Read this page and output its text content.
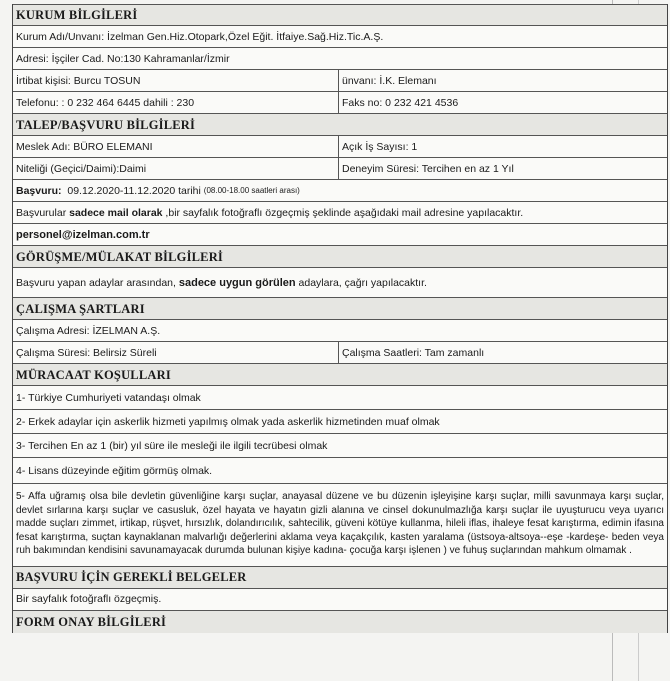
KURUM BİLGİLERİ
Kurum Adı/Unvanı: İzelman Gen.Hiz.Otopark,Özel Eğit. İtfaiye.Sağ.Hiz.Tic.A.Ş.
Adresi: İşçiler Cad. No:130 Kahramanlar/İzmir
İrtibat kişisi: Burcu TOSUN	ünvanı: İ.K. Elemanı
Telefonu: : 0 232 464 6445 dahili : 230	Faks no: 0 232 421 4536
TALEP/BAŞVURU BİLGİLERİ
Meslek Adı: BÜRO ELEMANI	Açık İş Sayısı: 1
Niteliği (Geçici/Daimi):Daimi	Deneyim Süresi: Tercihen en az 1 Yıl
Başvuru:
09.12.2020-11.12.2020 tarihi
(08.00-18.00 saatleri arası)
Başvurular sadece mail olarak ,bir sayfalık fotoğraflı özgeçmiş şeklinde aşağıdaki mail adresine yapılacaktır.
personel@izelman.com.tr
GÖRÜŞME/MÜLAKAT BİLGİLERİ
Başvuru yapan adaylar arasından, sadece uygun görülen adaylara, çağrı yapılacaktır.
ÇALIŞMA ŞARTLARI
Çalışma Adresi: İZELMAN A.Ş.
Çalışma Süresi: Belirsiz Süreli	Çalışma Saatleri: Tam zamanlı
MÜRACAAT KOŞULLARI
1- Türkiye Cumhuriyeti vatandaşı olmak
2- Erkek adaylar için askerlik hizmeti yapılmış olmak yada askerlik hizmetinden muaf olmak
3- Tercihen En az 1 (bir) yıl süre ile mesleği ile ilgili tecrübesi olmak
4- Lisans düzeyinde eğitim görmüş olmak.
5- Affa uğramış olsa bile devletin güvenliğine karşı suçlar, anayasal düzene ve bu düzenin işleyişine karşı suçlar, milli savunmaya karşı suçlar, devlet sırlarına karşı suçlar ve casusluk, özel hayata ve hayatın gizli alanına ve cinsel dokunulmazlığa karşı suçlar ile uyuşturucu veya uyarıcı madde suçları zimmet, irtikap, rüşvet, hırsızlık, dolandırıcılık, sahtecilik, güveni kötüye kullanma, hileli iflas, ihaleye fesat karıştırma, edimin ifasına fesat karıştırma, suçtan kaynaklanan malvarlığı değerlerini aklama veya kaçakçılık, kasten yaralama (üstsoya-altsoya--eşe -kardeşe- beden veya ruh bakımından kendisini savunamayacak durumda bulunan kişiye kadına- çocuğa karşı işlenen ) ve fuhuş suçlarından mahkum olmamak .
BAŞVURU İÇİN GEREKLİ BELGELER
Bir sayfalık fotoğraflı özgeçmiş.
FORM ONAY BİLGİLERİ
